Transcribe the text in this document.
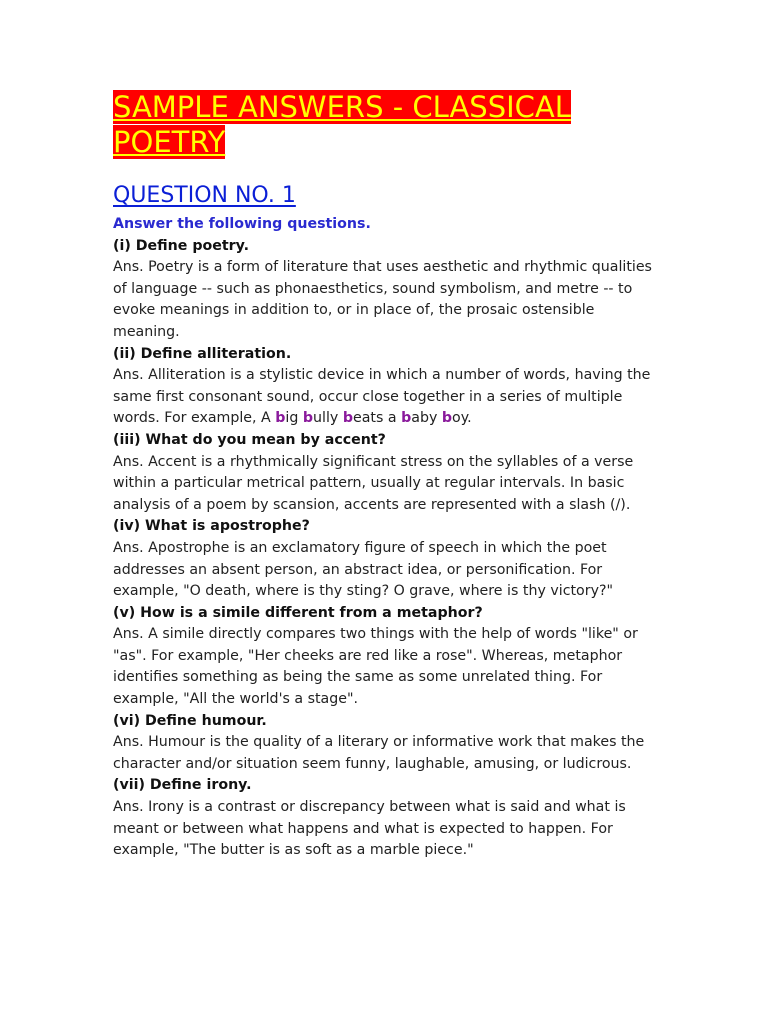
SAMPLE ANSWERS - CLASSICAL POETRY
QUESTION NO. 1

Answer the following questions.

(i) Define poetry.

Ans. Poetry is a form of literature that uses aesthetic and rhythmic qualities of language -- such as phonaesthetics, sound symbolism, and metre -- to evoke meanings in addition to, or in place of, the prosaic ostensible meaning.

(ii) Define alliteration.

Ans. Alliteration is a stylistic device in which a number of words, having the same first consonant sound, occur close together in a series of multiple words. For example, A big bully beats a baby boy.

(iii) What do you mean by accent?

Ans. Accent is a rhythmically significant stress on the syllables of a verse within a particular metrical pattern, usually at regular intervals. In basic analysis of a poem by scansion, accents are represented with a slash (/).

(iv) What is apostrophe?

Ans. Apostrophe is an exclamatory figure of speech in which the poet addresses an absent person, an abstract idea, or personification. For example, "O death, where is thy sting? O grave, where is thy victory?"

(v) How is a simile different from a metaphor?

Ans. A simile directly compares two things with the help of words "like" or "as". For example, "Her cheeks are red like a rose". Whereas, metaphor identifies something as being the same as some unrelated thing. For example, "All the world's a stage".

(vi) Define humour.

Ans. Humour is the quality of a literary or informative work that makes the character and/or situation seem funny, laughable, amusing, or ludicrous.

(vii) Define irony.

Ans. Irony is a contrast or discrepancy between what is said and what is meant or between what happens and what is expected to happen. For example, "The butter is as soft as a marble piece."
